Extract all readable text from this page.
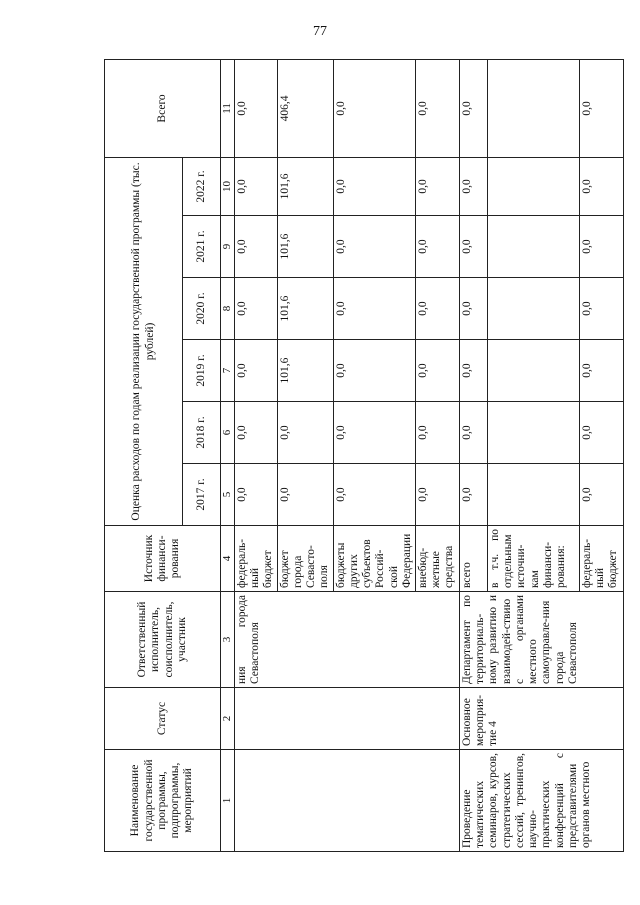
77
Наименование государственной программы, подпрограммы, мероприятий	Статус	Ответственный исполнитель, соисполнитель, участник	Источник финанси-рования	Оценка расходов по годам реализации государственной программы (тыс. рублей)						Всего
				2017 г.	2018 г.	2019 г.	2020 г.	2021 г.	2022 г.	
1	2	3	4	5	6	7	8	9	10	11
		ния города Севастополя	федераль-ный бюджет	0,0	0,0	0,0	0,0	0,0	0,0	0,0
			бюджет города Севасто-поля	0,0	0,0	101,6	101,6	101,6	101,6	406,4
			бюджеты других субъектов Россий-ской Федерации	0,0	0,0	0,0	0,0	0,0	0,0	0,0
			внебюд-жетные средства	0,0	0,0	0,0	0,0	0,0	0,0	0,0
Проведение тематических семинаров, курсов, стратегических сессий, тренингов, научно-практических конференций с представителями органов местного	Основное мероприя-тие 4	Департамент по территориаль-ному развитию и взаимодей-ствию с органами местного самоуправле-ния города Севастополя	всего	0,0	0,0	0,0	0,0	0,0	0,0	0,0
			в т.ч. по отдельным источни-кам финанси-рования:							
			федераль-ный бюджет	0,0	0,0	0,0	0,0	0,0	0,0	0,0
